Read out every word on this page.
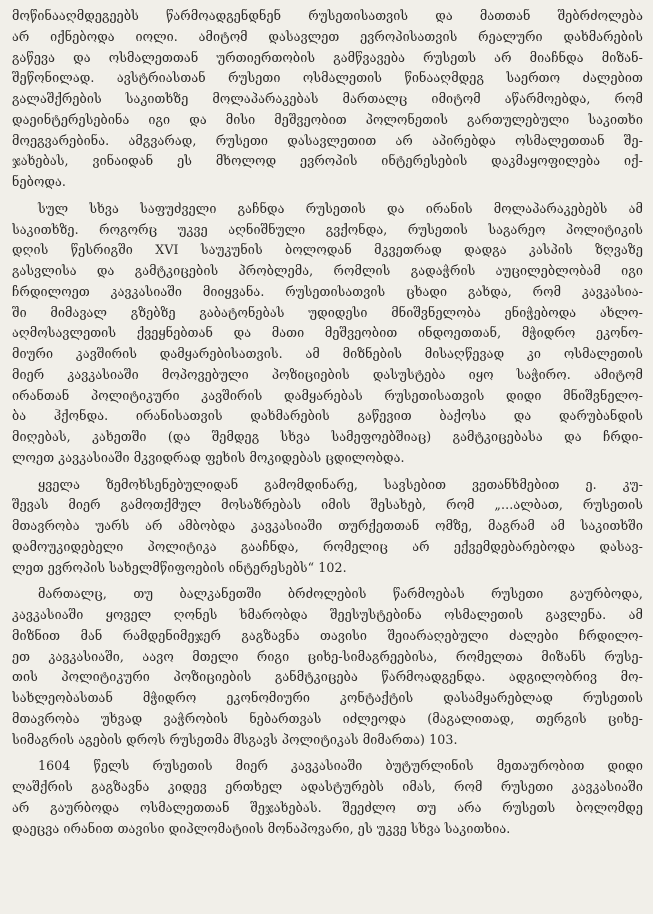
მოწინააღმდეგეებს წარმოადგენდნენ რუსეთისათვის და მათთან შებრძოლება
არ იქნებოდა იოლი. ამიტომ დასავლეთ ევროპისათვის რეალური დახმარების
გაწევა და ოსმალეთთან ურთიერთობის გამწვავება რუსეთს არ მიაჩნდა მიზან-
შეწონილად. ავსტრიასთან რუსეთი ოსმალეთის წინააღმდეგ საერთო ძალებით
გალაშქრების საკითხზე მოლაპარაკებას მართალც იმიტომ აწარმოებდა, რომ
დაეინტერესებინა იგი და მისი მეშვეობით პოლონეთის გართულებული საკითხი
მოეგვარებინა. ამგვარად, რუსეთი დასავლეთით არ აპირებდა ოსმალეთთან შე-
ჯახებას, ვინაიდან ეს მხოლოდ ევროპის ინტერესების დაკმაყოფილება იქ-
ნებოდა.
სულ სხვა საფუძველი გაჩნდა რუსეთის და ირანის მოლაპარაკებებს ამ
საკითხზე. როგორც უკვე აღნიშნული გვქონდა, რუსეთის საგარეო პოლიტიკის
დღის წესრიგში XVI საუკუნის ბოლოდან მკვეთრად დადგა კასპის ზღვაზე
გასვლისა და გამტკიცების პრობლემა, რომლის გადაჭრის აუცილებლობამ იგი
ჩრდილოეთ კავკასიაში მიიყვანა. რუსეთისათვის ცხადი გახდა, რომ კავკასია-
ში მიმავალ გზებზე გაბატონებას უდიდესი მნიშვნელობა ენიჭებოდა ახლო-
აღმოსავლეთის ქვეყნებთან და მათი მეშვეობით ინდოეთთან, მჭიდრო ეკონო-
მიური კავშირის დამყარებისათვის. ამ მიზნების მისაღწევად კი ოსმალეთის
მიერ კავკასიაში მოპოვებული პოზიციების დასუსტება იყო საჭირო. ამიტომ
ირანთან პოლიტიკური კავშირის დამყარებას რუსეთისათვის დიდი მნიშვნელო-
ბა ჰქონდა. ირანისათვის დახმარების გაწევით ბაქოსა და დარუბანდის
მიღებას, კახეთში (და შემდეგ სხვა სამეფოებშიაც) გამტკიცებასა და ჩრდი-
ლოეთ კავკასიაში მკვიდრად ფეხის მოკიდებას ცდილობდა.
ყველა ზემოხსენებულიდან გამომდინარე, სავსებით ვეთანხმებით ე. კუ-
შევას მიერ გამოთქმულ მოსაზრებას იმის შესახებ, რომ „...ალბათ, რუსეთის
მთავრობა უარს არ ამბობდა კავკასიაში თურქეთთან ომზე, მაგრამ ამ საკითხში
დამოუკიდებელი პოლიტიკა გააჩნდა, რომელიც არ ექვემდებარებოდა დასავ-
ლეთ ევროპის სახელმწიფოების ინტერესებს“ 102.
მართალც, თუ ბალკანეთში ბრძოლების წარმოებას რუსეთი გაურბოდა,
კავკასიაში ყოველ ღონეს ხმარობდა შეესუსტებინა ოსმალეთის გავლენა. ამ
მიზნით მან რამდენიმეჯერ გაგზავნა თავისი შეიარაღებული ძალები ჩრდილო-
ეთ კავკასიაში, აავო მთელი რიგი ციხე-სიმაგრეებისა, რომელთა მიზანს რუსე-
თის პოლიტიკური პოზიციების განმტკიცება წარმოადგენდა. ადგილობრივ მო-
სახლეობასთან მჭიდრო ეკონომიური კონტაქტის დასამყარებლად რუსეთის
მთავრობა უხვად ვაჭრობის ნებართვას იძლეოდა (მაგალითად, თერგის ციხე-
სიმაგრის აგების დროს რუსეთმა მსგავს პოლიტიკას მიმართა) 103.
1604 წელს რუსეთის მიერ კავკასიაში ბუტურლინის მეთაურობით დიდი
ლაშქრის გაგზავნა კიდევ ერთხელ ადასტურებს იმას, რომ რუსეთი კავკასიაში
არ გაურბოდა ოსმალეთთან შეჯახებას. შეეძლო თუ არა რუსეთს ბოლომდე
დაეცვა ირანით თავისი დიპლომატიის მონაპოვარი, ეს უკვე სხვა საკითხია.
